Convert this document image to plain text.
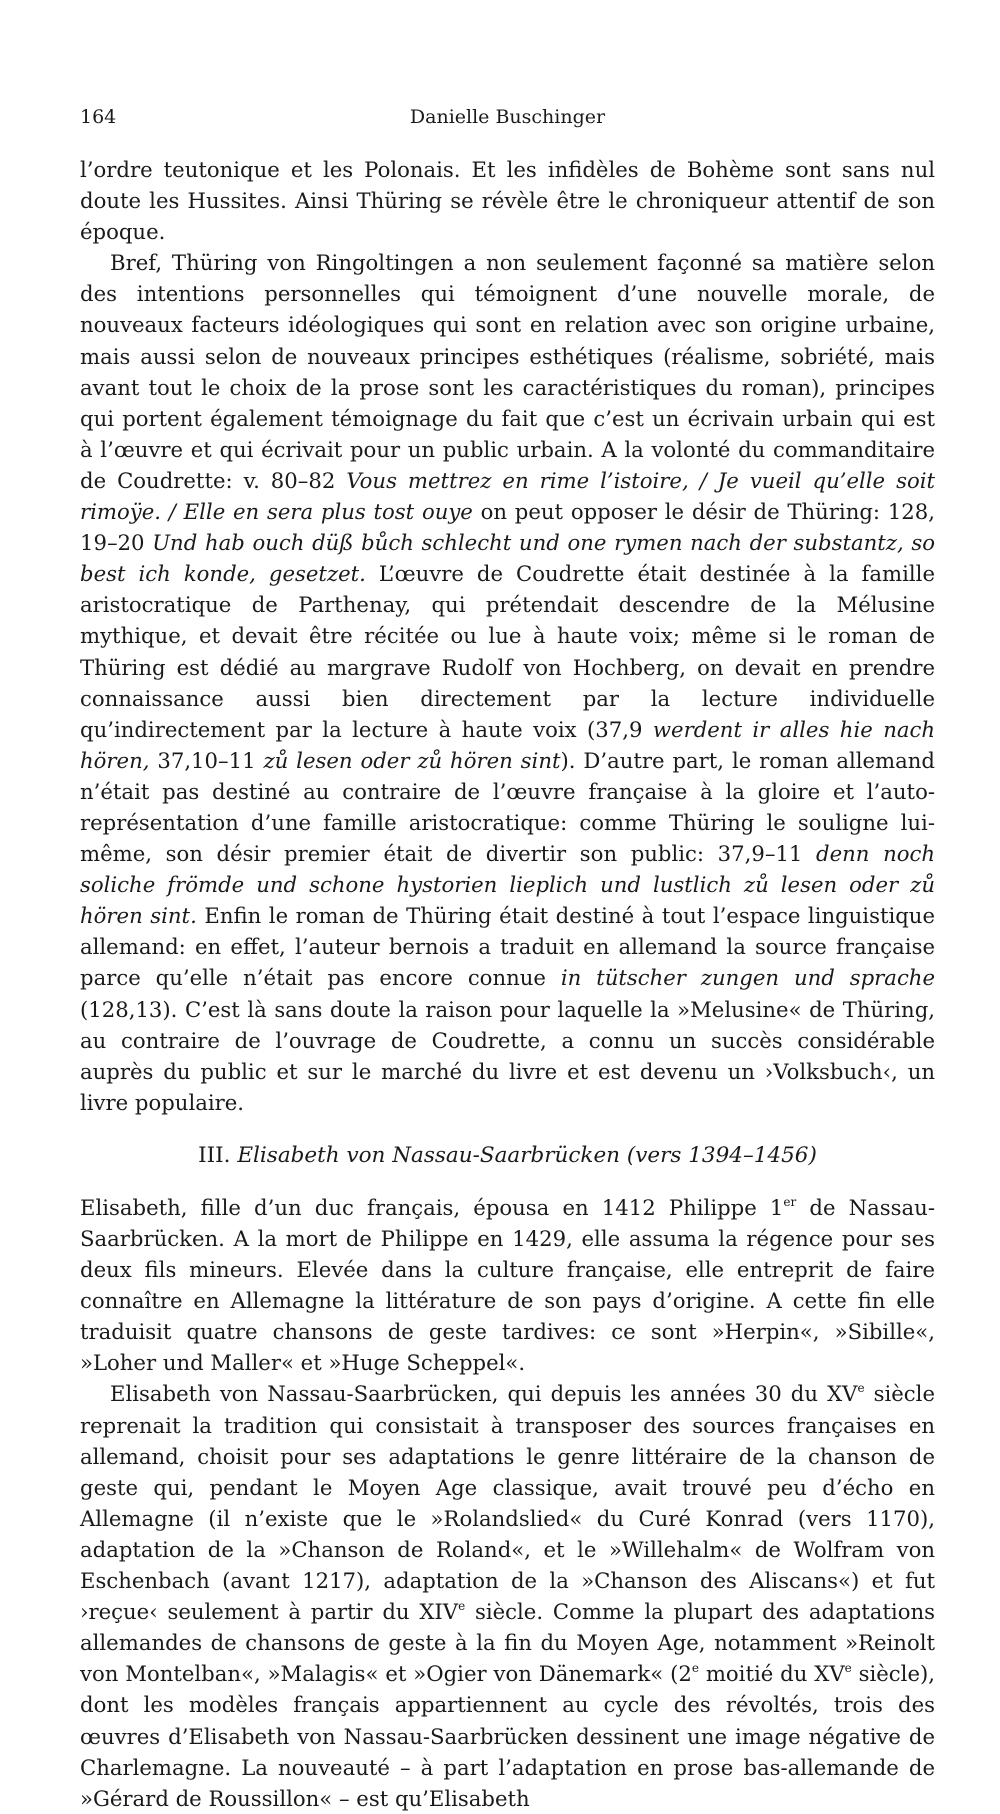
164	Danielle Buschinger

l’ordre teutonique et les Polonais. Et les infidèles de Bohème sont sans nul doute les Hussites. Ainsi Thüring se révèle être le chroniqueur attentif de son époque.

Bref, Thüring von Ringoltingen a non seulement façonné sa matière selon des intentions personnelles qui témoignent d’une nouvelle morale, de nouveaux facteurs idéologiques qui sont en relation avec son origine urbaine, mais aussi selon de nouveaux principes esthétiques (réalisme, sobriété, mais avant tout le choix de la prose sont les caractéristiques du roman), principes qui portent également témoignage du fait que c’est un écrivain urbain qui est à l’œuvre et qui écrivait pour un public urbain. A la volonté du commanditaire de Coudrette: v. 80–82 Vous mettrez en rime l’istoire, / Je vueil qu’elle soit rimoÿe. / Elle en sera plus tost ouye on peut opposer le désir de Thüring: 128, 19–20 Und hab ouch düß bůch schlecht und one rymen nach der substantz, so best ich konde, gesetzet. L’œuvre de Coudrette était destinée à la famille aristocratique de Parthenay, qui prétendait descendre de la Mélusine mythique, et devait être récitée ou lue à haute voix; même si le roman de Thüring est dédié au margrave Rudolf von Hochberg, on devait en prendre connaissance aussi bien directement par la lecture individuelle qu’indirectement par la lecture à haute voix (37,9 werdent ir alles hie nach hören, 37,10–11 zů lesen oder zů hören sint). D’autre part, le roman allemand n’était pas destiné au contraire de l’œuvre française à la gloire et l’auto-représentation d’une famille aristocratique: comme Thüring le souligne lui-même, son désir premier était de divertir son public: 37,9–11 denn noch soliche frömde und schone hystorien lieplich und lustlich zů lesen oder zů hören sint. Enfin le roman de Thüring était destiné à tout l’espace linguistique allemand: en effet, l’auteur bernois a traduit en allemand la source française parce qu’elle n’était pas encore connue in tütscher zungen und sprache (128,13). C’est là sans doute la raison pour laquelle la »Melusine« de Thüring, au contraire de l’ouvrage de Coudrette, a connu un succès considérable auprès du public et sur le marché du livre et est devenu un ›Volksbuch‹, un livre populaire.

III. Elisabeth von Nassau-Saarbrücken (vers 1394–1456)

Elisabeth, fille d’un duc français, épousa en 1412 Philippe 1er de Nassau-Saarbrücken. A la mort de Philippe en 1429, elle assuma la régence pour ses deux fils mineurs. Elevée dans la culture française, elle entreprit de faire connaître en Allemagne la littérature de son pays d’origine. A cette fin elle traduisit quatre chansons de geste tardives: ce sont »Herpin«, »Sibille«, »Loher und Maller« et »Huge Scheppel«.

Elisabeth von Nassau-Saarbrücken, qui depuis les années 30 du XVe siècle reprenait la tradition qui consistait à transposer des sources françaises en allemand, choisit pour ses adaptations le genre littéraire de la chanson de geste qui, pendant le Moyen Age classique, avait trouvé peu d’écho en Allemagne (il n’existe que le »Rolandslied« du Curé Konrad (vers 1170), adaptation de la »Chanson de Roland«, et le »Willehalm« de Wolfram von Eschenbach (avant 1217), adaptation de la »Chanson des Aliscans«) et fut ›reçue‹ seulement à partir du XIVe siècle. Comme la plupart des adaptations allemandes de chansons de geste à la fin du Moyen Age, notamment »Reinolt von Montelban«, »Malagis« et »Ogier von Dänemark« (2e moitié du XVe siècle), dont les modèles français appartiennent au cycle des révoltés, trois des œuvres d’Elisabeth von Nassau-Saarbrücken dessinent une image négative de Charlemagne. La nouveauté – à part l’adaptation en prose bas-allemande de »Gérard de Roussillon« – est qu’Elisabeth
